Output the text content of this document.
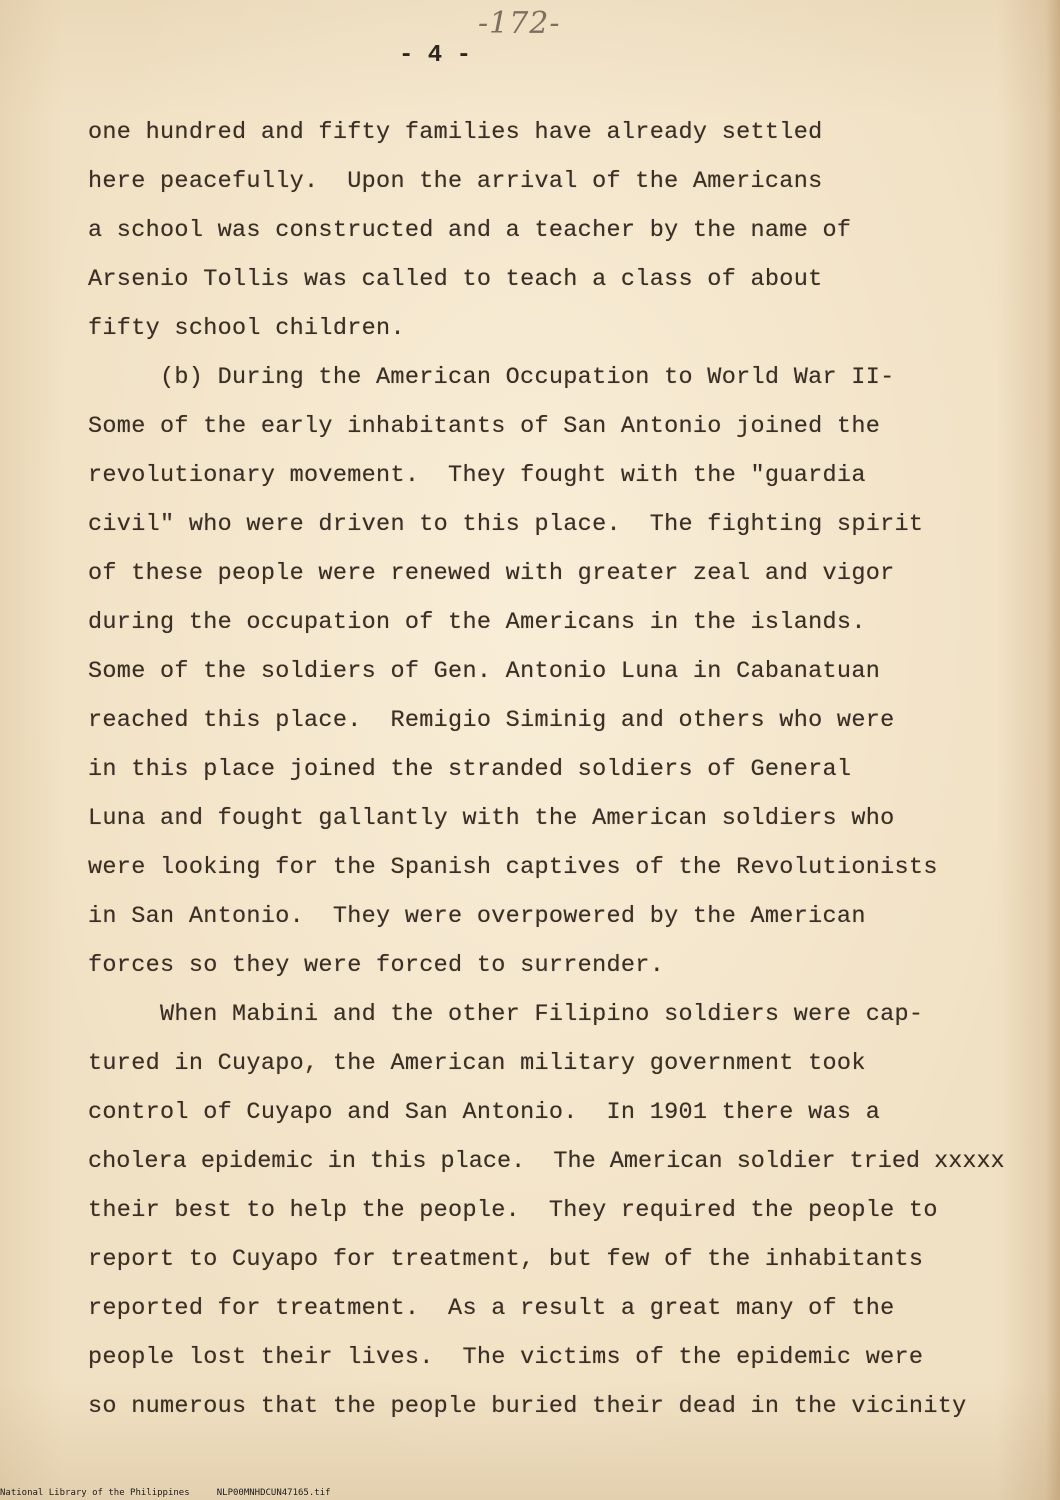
-172-
- 4 -
one hundred and fifty families have already settled
here peacefully.  Upon the arrival of the Americans
a school was constructed and a teacher by the name of
Arsenio Tollis was called to teach a class of about
fifty school children.
(b) During the American Occupation to World War II-
Some of the early inhabitants of San Antonio joined the
revolutionary movement.  They fought with the "guardia
civil" who were driven to this place.  The fighting spirit
of these people were renewed with greater zeal and vigor
during the occupation of the Americans in the islands.
Some of the soldiers of Gen. Antonio Luna in Cabanatuan
reached this place.  Remigio Siminig and others who were
in this place joined the stranded soldiers of General
Luna and fought gallantly with the American soldiers who
were looking for the Spanish captives of the Revolutionists
in San Antonio.  They were overpowered by the American
forces so they were forced to surrender.
When Mabini and the other Filipino soldiers were cap-
tured in Cuyapo, the American military government took
control of Cuyapo and San Antonio.  In 1901 there was a
cholera epidemic in this place.  The American soldier tried xxxxx
their best to help the people.  They required the people to
report to Cuyapo for treatment, but few of the inhabitants
reported for treatment.  As a result a great many of the
people lost their lives.  The victims of the epidemic were
so numerous that the people buried their dead in the vicinity
National Library of the Philippines     NLP00MNHDCUN47165.tif
